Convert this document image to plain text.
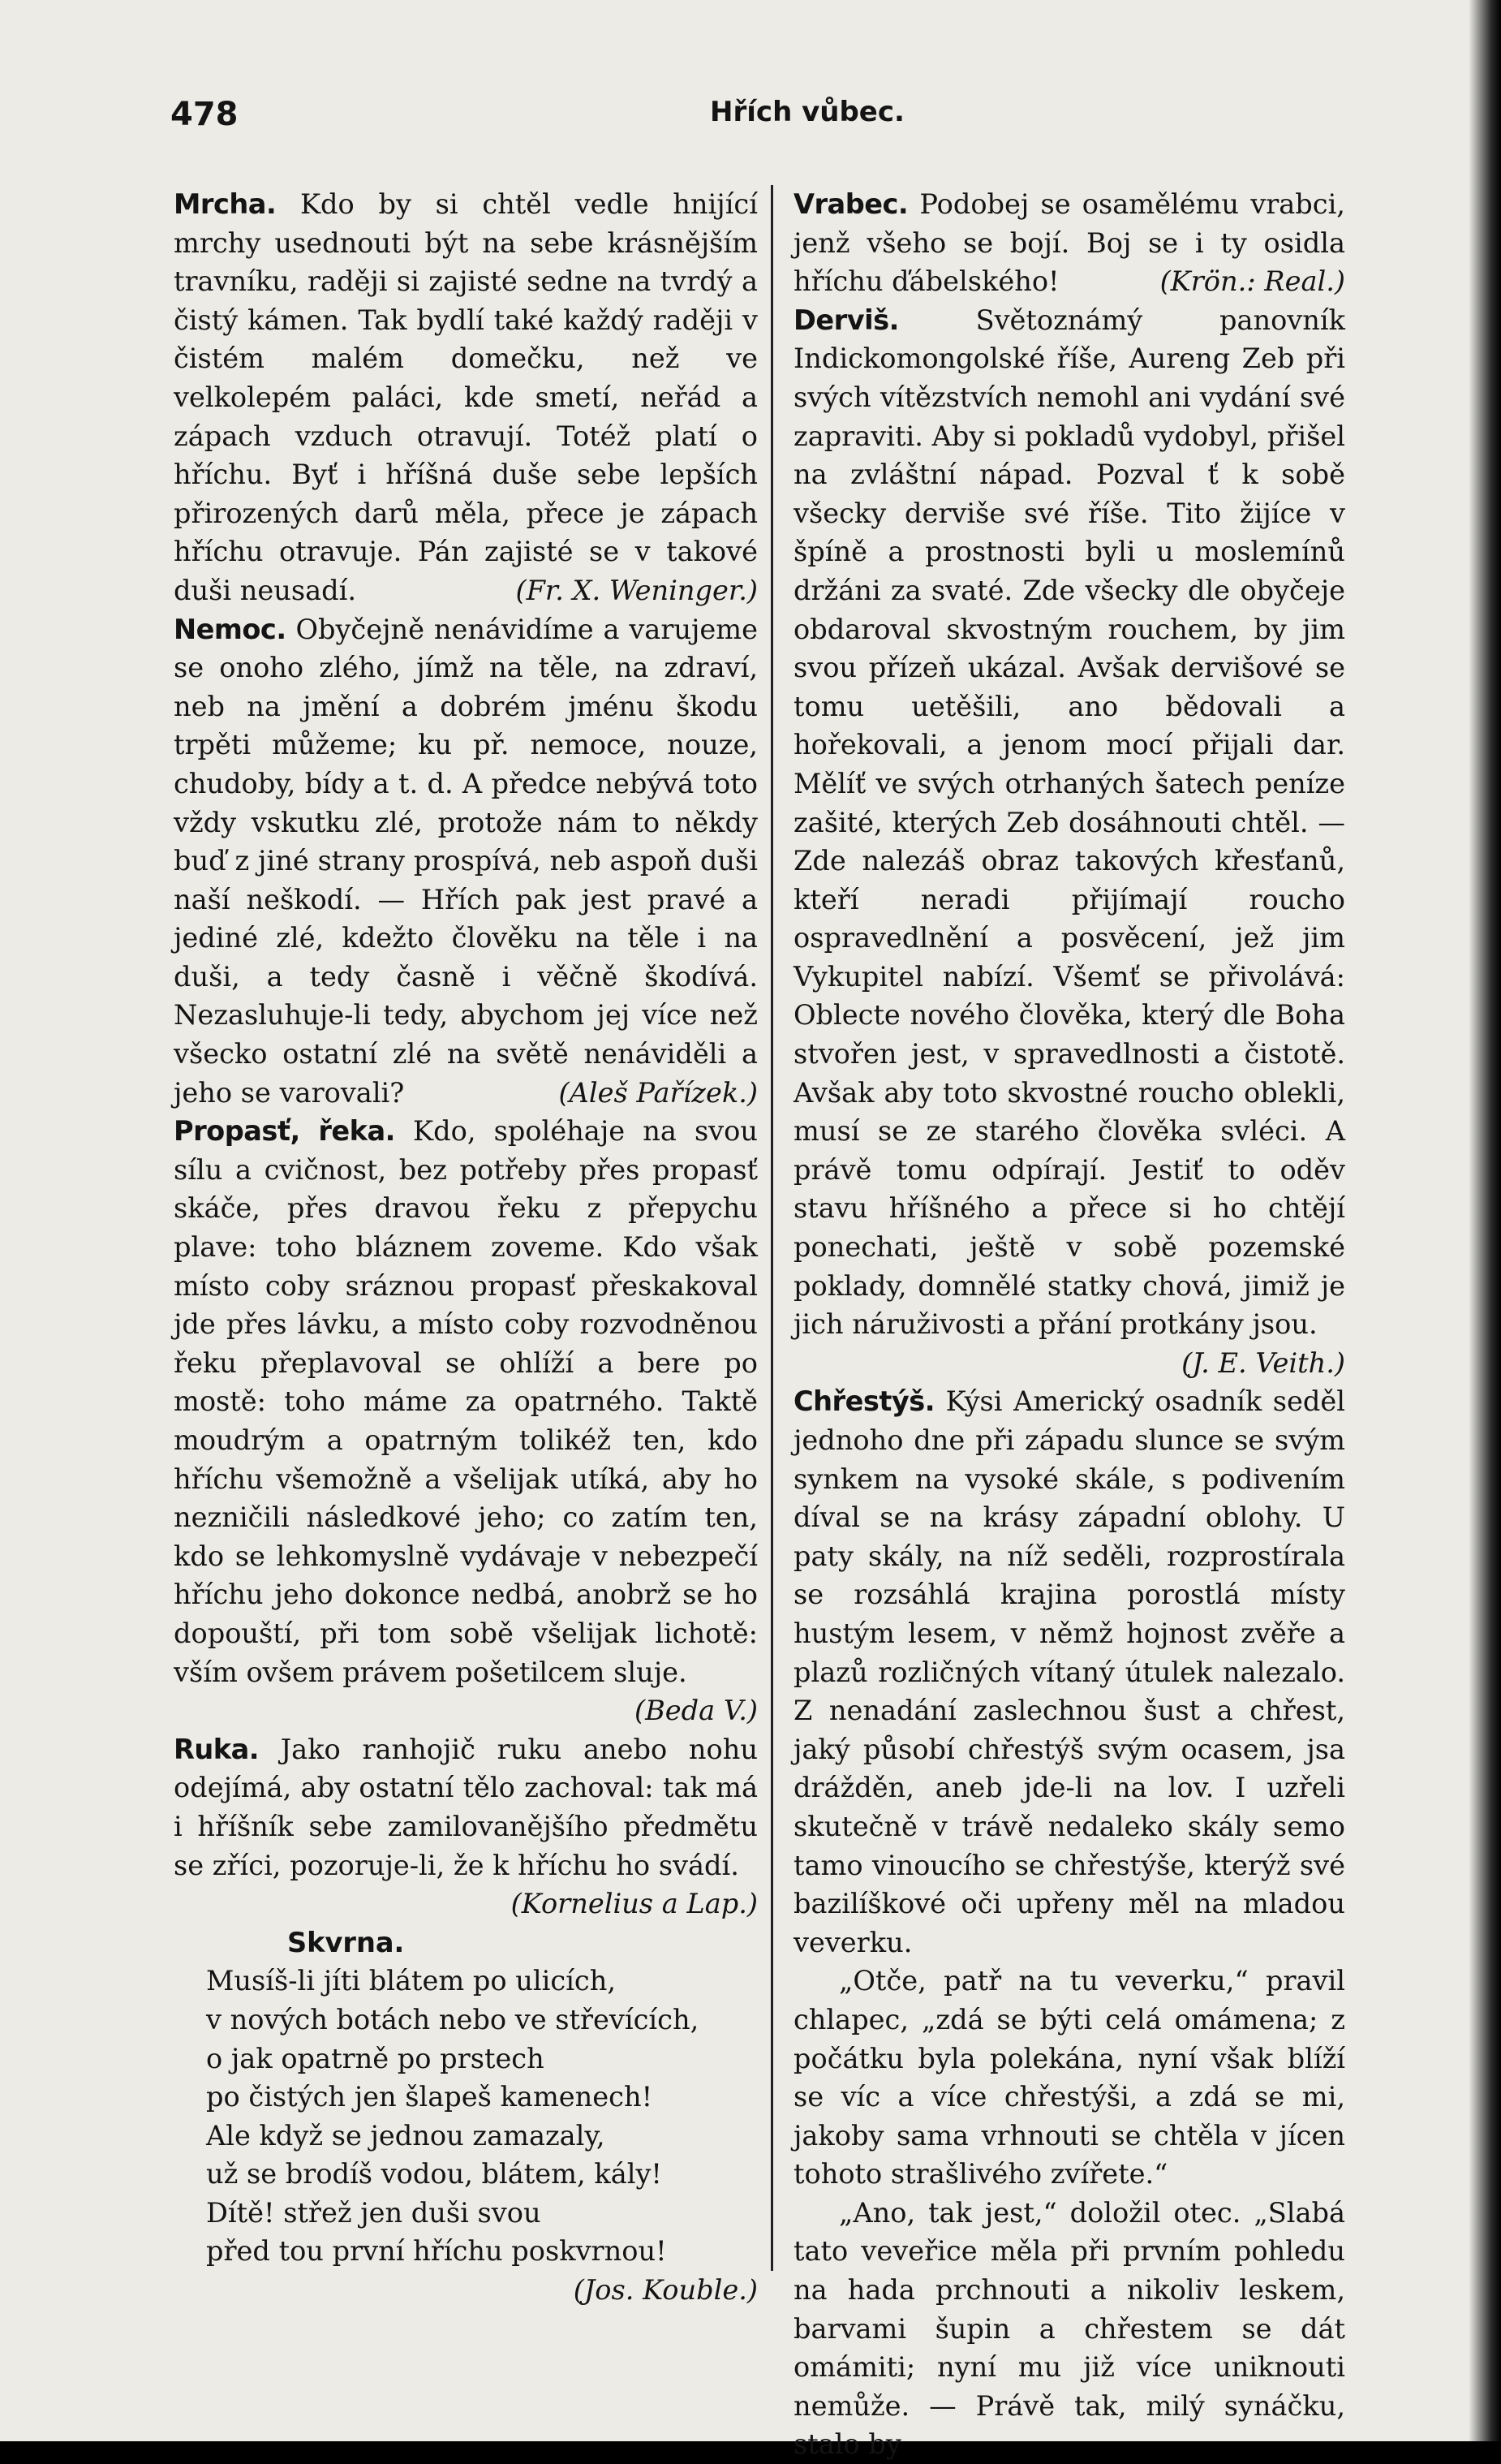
478	Hřích vůbec.

Mrcha. Kdo by si chtěl vedle hnijící mrchy usednouti být na sebe krásnějším travníku, raději si zajisté sedne na tvrdý a čistý kámen. Tak bydlí také každý raději v čistém malém domečku, než ve velkolepém paláci, kde smetí, neřád a zápach vzduch otravují. Totéž platí o hříchu. Byť i hříšná duše sebe lepších přirozených darů měla, přece je zápach hříchu otravuje. Pán zajisté se v takové duši neusadí.	(Fr. X. Weninger.)

Nemoc. Obyčejně nenávidíme a varujeme se onoho zlého, jímž na těle, na zdraví, neb na jmění a dobrém jménu škodu trpěti můžeme; ku př. nemoce, nouze, chudoby, bídy a t. d. A předce nebývá toto vždy vskutku zlé, protože nám to někdy buď z jiné strany prospívá, neb aspoň duši naší neškodí. — Hřích pak jest pravé a jediné zlé, kdežto člověku na těle i na duši, a tedy časně i věčně škodívá. Nezasluhuje-li tedy, abychom jej více než všecko ostatní zlé na světě nenáviděli a jeho se varovali?	(Aleš Pařízek.)

Propasť, řeka. Kdo, spoléhaje na svou sílu a cvičnost, bez potřeby přes propasť skáče, přes dravou řeku z přepychu plave: toho bláznem zoveme. Kdo však místo coby sráznou propasť přeskakoval jde přes lávku, a místo coby rozvodněnou řeku přeplavoval se ohlíží a bere po mostě: toho máme za opatrného. Taktě moudrým a opatrným tolikéž ten, kdo hříchu všemožně a všelijak utíká, aby ho nezničili následkové jeho; co zatím ten, kdo se lehkomyslně vydávaje v nebezpečí hříchu jeho dokonce nedbá, anobrž se ho dopouští, při tom sobě všelijak lichotě: vším ovšem právem pošetilcem sluje.
(Beda V.)

Ruka. Jako ranhojič ruku anebo nohu odejímá, aby ostatní tělo zachoval: tak má i hříšník sebe zamilovanějšího předmětu se zříci, pozoruje-li, že k hříchu ho svádí.
(Kornelius a Lap.)

Skvrna.
Musíš-li jíti blátem po ulicích,
v nových botách nebo ve střevících,
o jak opatrně po prstech
po čistých jen šlapeš kamenech!
Ale když se jednou zamazaly,
už se brodíš vodou, blátem, kály!
Dítě! střež jen duši svou
před tou první hříchu poskvrnou!
(Jos. Kouble.)

Vrabec. Podobej se osamělému vrabci, jenž všeho se bojí. Boj se i ty osidla hříchu ďábelského!	(Krön.: Real.)

Derviš.	Světoznámý panovník Indickomongolské říše, Aureng Zeb při svých vítězstvích nemohl ani vydání své zapraviti. Aby si pokladů vydobyl, přišel na zvláštní nápad. Pozval ť k sobě všecky derviše své říše. Tito žijíce v špíně a prostnosti byli u moslemínů držáni za svaté. Zde všecky dle obyčeje obdaroval skvostným rouchem, by jim svou přízeň ukázal. Avšak dervišové se tomu uetěšili, ano bědovali a hořekovali, a jenom mocí přijali dar. Mělíť ve svých otrhaných šatech peníze zašité, kterých Zeb dosáhnouti chtěl. — Zde nalezáš obraz takových křesťanů, kteří neradi přijímají roucho ospravedlnění a posvěcení, jež jim Vykupitel nabízí. Všemť se přivolává: Oblecte nového člověka, který dle Boha stvořen jest, v spravedlnosti a čistotě. Avšak aby toto skvostné roucho oblekli, musí se ze starého člověka svléci. A právě tomu odpírají. Jestiť to oděv stavu hříšného a přece si ho chtějí ponechati, ještě v sobě pozemské poklady, domnělé statky chová, jimiž je jich náruživosti a přání protkány jsou.

(J. E. Veith.)

Chřestýš. Kýsi Americký osadník seděl jednoho dne při západu slunce se svým synkem na vysoké skále, s podivením díval se na krásy západní oblohy. U paty skály, na níž seděli, rozprostírala se rozsáhlá krajina porostlá místy hustým lesem, v němž hojnost zvěře a plazů rozličných vítaný útulek nalezalo. Z nenadání zaslechnou šust a chřest, jaký působí chřestýš svým ocasem, jsa drážděn, aneb jde-li na lov. I uzřeli skutečně v trávě nedaleko skály semo tamo vinoucího se chřestýše, kterýž své bazilíškové oči upřeny měl na mladou veverku.

„Otče, patř na tu veverku,“ pravil chlapec, „zdá se býti celá omámena; z počátku byla polekána, nyní však blíží se víc a více chřestýši, a zdá se mi, jakoby sama vrhnouti se chtěla v jícen tohoto strašlivého zvířete.“

„Ano, tak jest,“ doložil otec. „Slabá tato veveřice měla při prvním pohledu na hada prchnouti a nikoliv leskem, barvami šupin a chřestem se dát omámiti; nyní mu již více uniknouti nemůže. — Právě tak, milý synáčku, stalo by
